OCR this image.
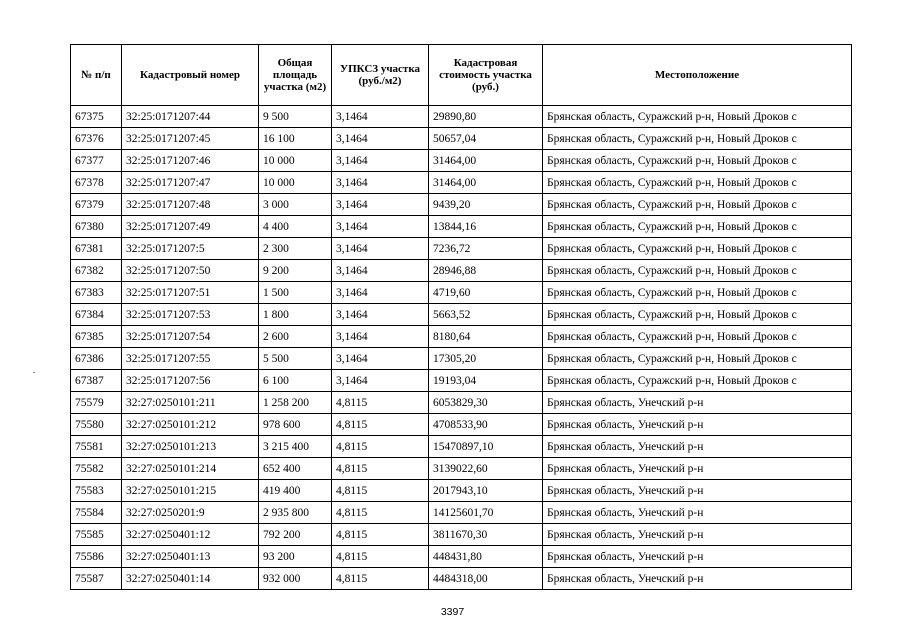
№ п/п	Кадастровый номер	Общая площадь участка (м2)	УПКСЗ участка (руб./м2)	Кадастровая стоимость участка (руб.)	Местоположение
67375	32:25:0171207:44	9 500	3,1464	29890,80	Брянская область, Суражский р-н, Новый Дроков с
67376	32:25:0171207:45	16 100	3,1464	50657,04	Брянская область, Суражский р-н, Новый Дроков с
67377	32:25:0171207:46	10 000	3,1464	31464,00	Брянская область, Суражский р-н, Новый Дроков с
67378	32:25:0171207:47	10 000	3,1464	31464,00	Брянская область, Суражский р-н, Новый Дроков с
67379	32:25:0171207:48	3 000	3,1464	9439,20	Брянская область, Суражский р-н, Новый Дроков с
67380	32:25:0171207:49	4 400	3,1464	13844,16	Брянская область, Суражский р-н, Новый Дроков с
67381	32:25:0171207:5	2 300	3,1464	7236,72	Брянская область, Суражский р-н, Новый Дроков с
67382	32:25:0171207:50	9 200	3,1464	28946,88	Брянская область, Суражский р-н, Новый Дроков с
67383	32:25:0171207:51	1 500	3,1464	4719,60	Брянская область, Суражский р-н, Новый Дроков с
67384	32:25:0171207:53	1 800	3,1464	5663,52	Брянская область, Суражский р-н, Новый Дроков с
67385	32:25:0171207:54	2 600	3,1464	8180,64	Брянская область, Суражский р-н, Новый Дроков с
67386	32:25:0171207:55	5 500	3,1464	17305,20	Брянская область, Суражский р-н, Новый Дроков с
67387	32:25:0171207:56	6 100	3,1464	19193,04	Брянская область, Суражский р-н, Новый Дроков с
75579	32:27:0250101:211	1 258 200	4,8115	6053829,30	Брянская область, Унечский р-н
75580	32:27:0250101:212	978 600	4,8115	4708533,90	Брянская область, Унечский р-н
75581	32:27:0250101:213	3 215 400	4,8115	15470897,10	Брянская область, Унечский р-н
75582	32:27:0250101:214	652 400	4,8115	3139022,60	Брянская область, Унечский р-н
75583	32:27:0250101:215	419 400	4,8115	2017943,10	Брянская область, Унечский р-н
75584	32:27:0250201:9	2 935 800	4,8115	14125601,70	Брянская область, Унечский р-н
75585	32:27:0250401:12	792 200	4,8115	3811670,30	Брянская область, Унечский р-н
75586	32:27:0250401:13	93 200	4,8115	448431,80	Брянская область, Унечский р-н
75587	32:27:0250401:14	932 000	4,8115	4484318,00	Брянская область, Унечский р-н
3397
